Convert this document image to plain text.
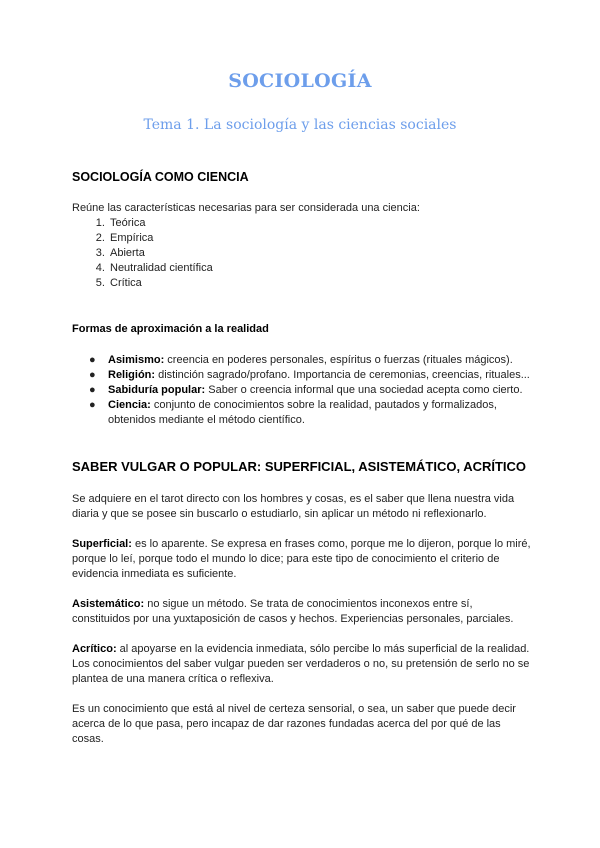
SOCIOLOGÍA
Tema 1. La sociología y las ciencias sociales
SOCIOLOGÍA COMO CIENCIA

Reúne las características necesarias para ser considerada una ciencia:

1. Teórica
2. Empírica
3. Abierta
4. Neutralidad científica
5. Crítica
Formas de aproximación a la realidad
● Asimismo: creencia en poderes personales, espíritus o fuerzas (rituales mágicos).
● Religión: distinción sagrado/profano. Importancia de ceremonias, creencias, rituales...
● Sabiduría popular: Saber o creencia informal que una sociedad acepta como cierto.
● Ciencia: conjunto de conocimientos sobre la realidad, pautados y formalizados, obtenidos mediante el método científico.
SABER VULGAR O POPULAR: SUPERFICIAL, ASISTEMÁTICO, ACRÍTICO

Se adquiere en el tarot directo con los hombres y cosas, es el saber que llena nuestra vida diaria y que se posee sin buscarlo o estudiarlo, sin aplicar un método ni reflexionarlo.

Superficial: es lo aparente. Se expresa en frases como, porque me lo dijeron, porque lo miré, porque lo leí, porque todo el mundo lo dice; para este tipo de conocimiento el criterio de evidencia inmediata es suficiente.

Asistemático: no sigue un método. Se trata de conocimientos inconexos entre sí, constituidos por una yuxtaposición de casos y hechos. Experiencias personales, parciales.

Acrítico: al apoyarse en la evidencia inmediata, sólo percibe lo más superficial de la realidad. Los conocimientos del saber vulgar pueden ser verdaderos o no, su pretensión de serlo no se plantea de una manera crítica o reflexiva.

Es un conocimiento que está al nivel de certeza sensorial, o sea, un saber que puede decir acerca de lo que pasa, pero incapaz de dar razones fundadas acerca del por qué de las cosas.
